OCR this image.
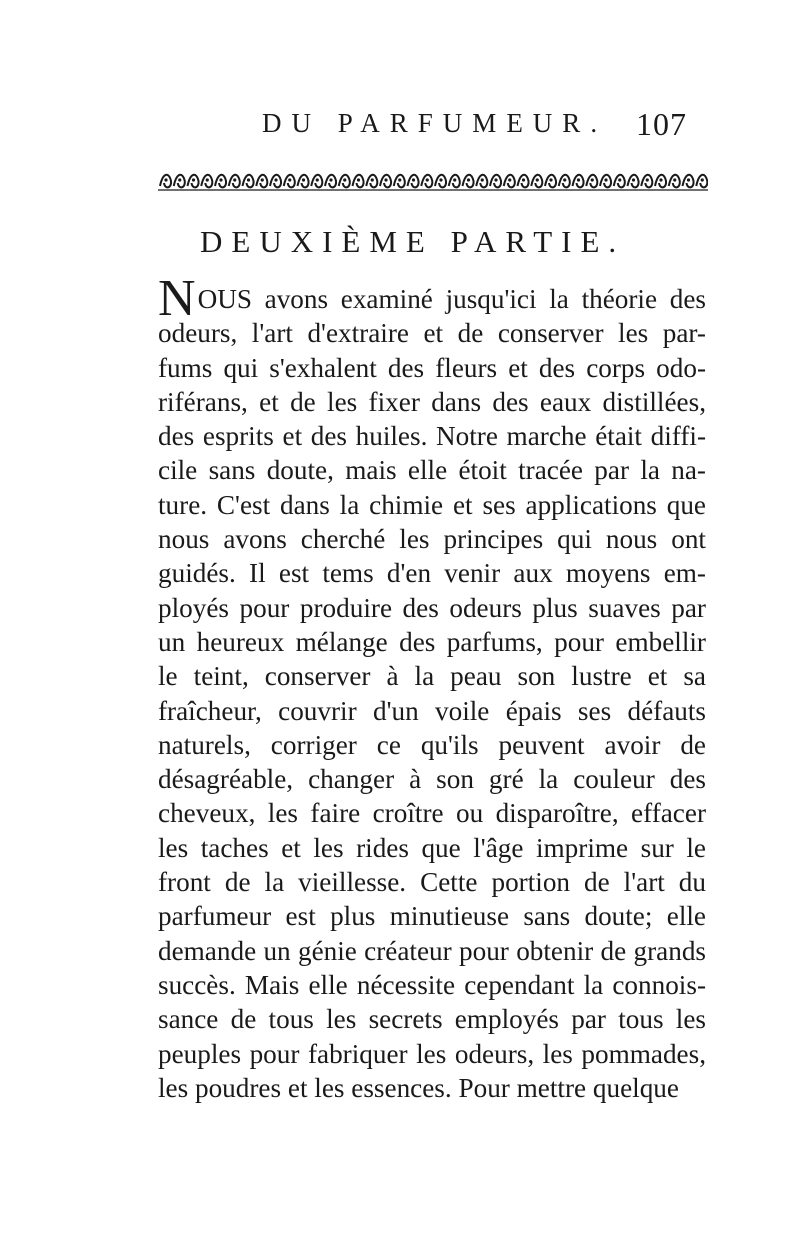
DU PARFUMEUR. 107
DEUXIÈME PARTIE.
NOUS avons examiné jusqu'ici la théorie des
odeurs, l'art d'extraire et de conserver les par-
fums qui s'exhalent des fleurs et des corps odo-
riférans, et de les fixer dans des eaux distillées,
des esprits et des huiles. Notre marche était diffi-
cile sans doute, mais elle étoit tracée par la na-
ture. C'est dans la chimie et ses applications que
nous avons cherché les principes qui nous ont
guidés. Il est tems d'en venir aux moyens em-
ployés pour produire des odeurs plus suaves par
un heureux mélange des parfums, pour embellir
le teint, conserver à la peau son lustre et sa
fraîcheur, couvrir d'un voile épais ses défauts
naturels, corriger ce qu'ils peuvent avoir de
désagréable, changer à son gré la couleur des
cheveux, les faire croître ou disparoître, effacer
les taches et les rides que l'âge imprime sur le
front de la vieillesse. Cette portion de l'art du
parfumeur est plus minutieuse sans doute; elle
demande un génie créateur pour obtenir de grands
succès. Mais elle nécessite cependant la connois-
sance de tous les secrets employés par tous les
peuples pour fabriquer les odeurs, les pommades,
les poudres et les essences. Pour mettre quelque
